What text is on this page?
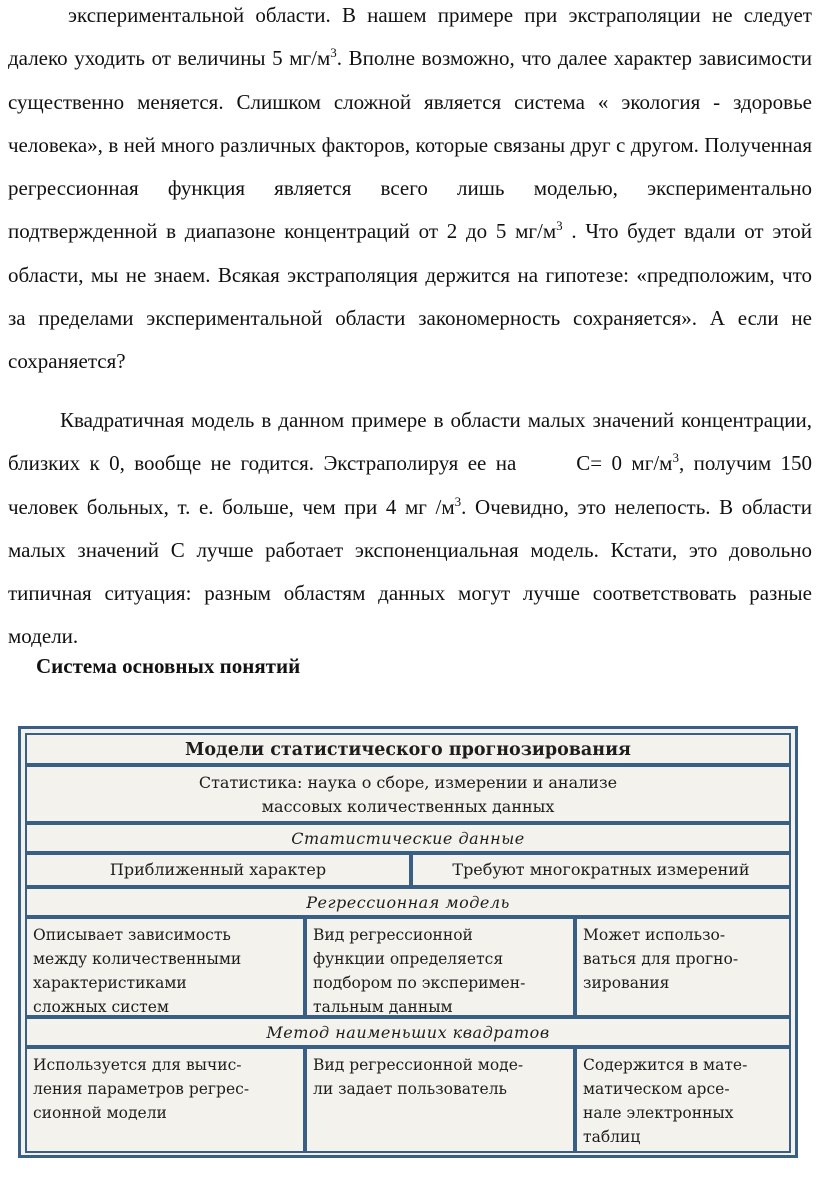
экспериментальной области. В нашем примере при экстраполяции не следует далеко уходить от величины 5 $мг/м^3$. Вполне возможно, что далее характер зависимости существенно меняется. Слишком сложной является система « экология - здоровье человека», в ней много различных факторов, которые связаны друг с другом. Полученная регрессионная функция является всего лишь моделью, экспериментально подтвержденной в диапазоне концентраций от 2 до 5 $мг/м^3$ . Что будет вдали от этой области, мы не знаем. Всякая экстраполяция держится на гипотезе: «предположим, что за пределами экспериментальной области закономерность сохраняется». А если не сохраняется?
Квадратичная модель в данном примере в области малых значений концентрации, близких к 0, вообще не годится. Экстраполируя ее на	C= 0 $мг/м^3$, получим 150 человек больных, т. е. больше, чем при 4 мг $/м^3$. Очевидно, это нелепость. В области малых значений C лучше работает экспоненциальная модель. Кстати, это довольно типичная ситуация: разным областям данных могут лучше соответствовать разные модели.
Система основных понятий
Модели статистического прогнозирования
Статистика: наука о сборе, измерении и анализе
массовых количественных данных
Статистические данные
Приближенный характер	Требуют многократных измерений
Регрессионная модель
Описывает зависимость
между количественными
характеристиками
сложных систем
Вид регрессионной
функции определяется
подбором по эксперимен-
тальным данным
Может использо-
ваться для прогно-
зирования
Метод наименьших квадратов
Используется для вычис-
ления параметров регрес-
сионной модели
Вид регрессионной моде-
ли задает пользователь
Содержится в мате-
матическом арсе-
нале электронных
таблиц
